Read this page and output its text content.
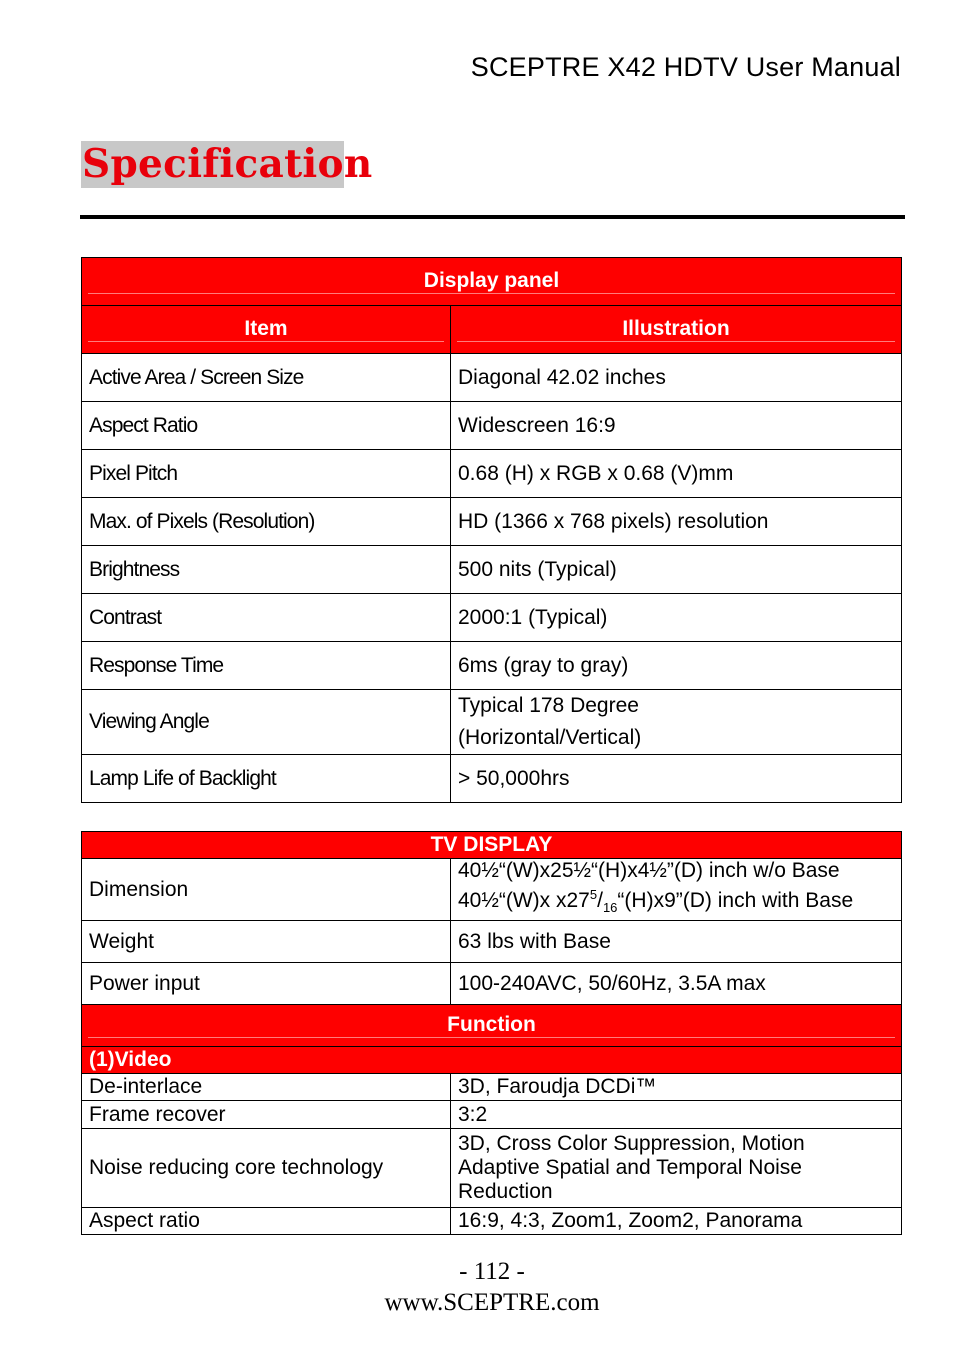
SCEPTRE X42 HDTV User Manual
Specification
Display panel	

Item	Illustration

Active Area / Screen Size	Diagonal 42.02 inches
Aspect Ratio	Widescreen 16:9
Pixel Pitch	0.68 (H) x RGB x 0.68 (V)mm
Max. of Pixels (Resolution)	HD (1366 x 768 pixels) resolution
Brightness	500 nits (Typical)
Contrast	2000:1 (Typical)
Response Time	6ms (gray to gray)
Viewing Angle	Typical 178 Degree
(Horizontal/Vertical)

Lamp Life of Backlight	> 50,000hrs
TV DISPLAY	
Dimension	40½“(W)x25½“(H)x4½”(D) inch w/o Base
40½“(W)x $x27^5/_{16}“(H)x9”(D)$ inch with Base

Weight	63 lbs with Base
Power input	100-240AVC, 50/60Hz, 3.5A max

Function	

(1)Video	
De-interlace	3D, Faroudja DCDi™
Frame recover	3:2
Noise reducing core technology	3D, Cross Color Suppression, Motion
Adaptive Spatial and Temporal Noise
Reduction

Aspect ratio	16:9, 4:3, Zoom1, Zoom2, Panorama
- 112 -
www.SCEPTRE.com
